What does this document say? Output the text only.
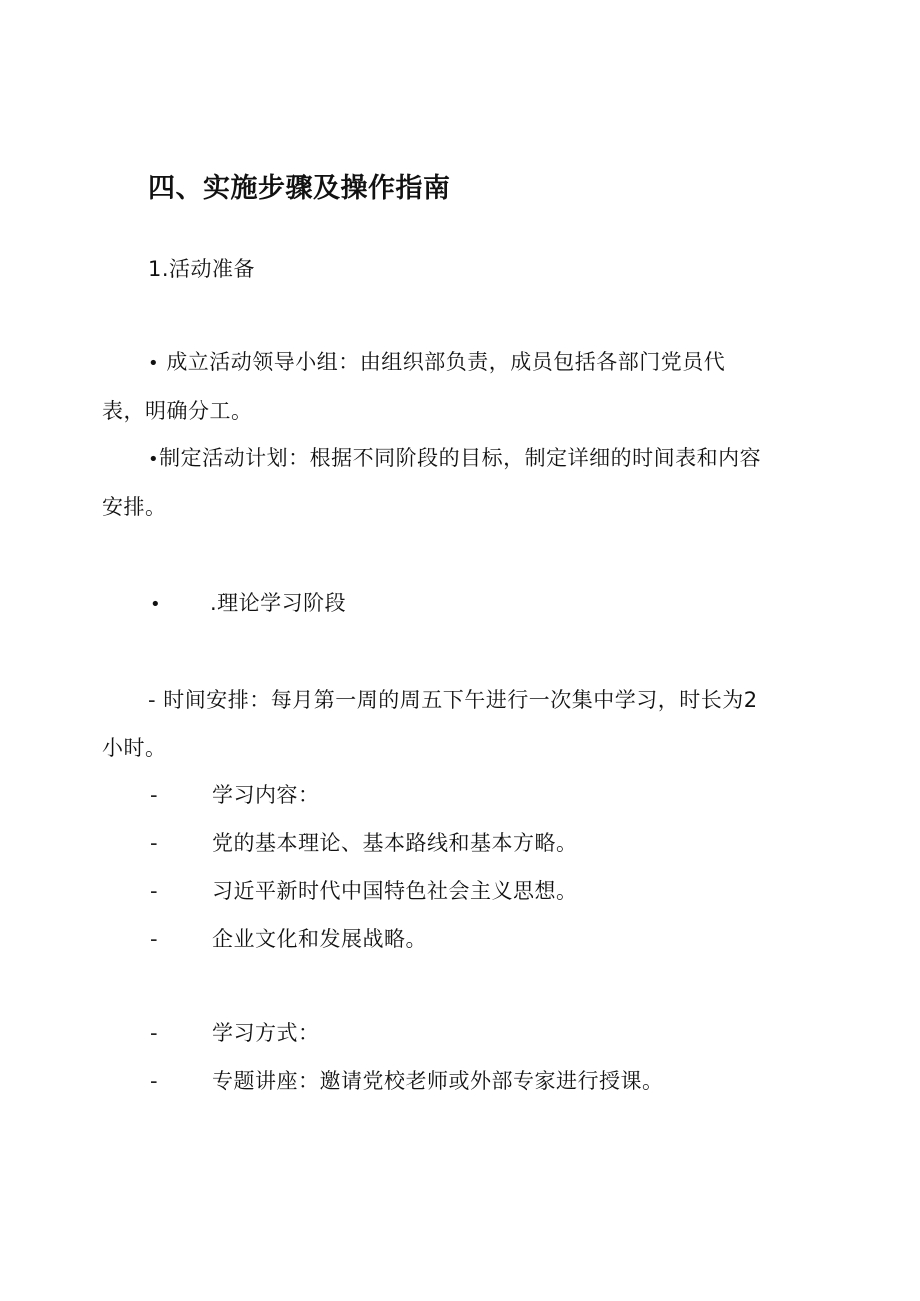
四、实施步骤及操作指南
1.活动准备
• 成立活动领导小组：由组织部负责，成员包括各部门党员代
表，明确分工。
•制定活动计划：根据不同阶段的目标，制定详细的时间表和内容
安排。
• .理论学习阶段
- 时间安排：每月第一周的周五下午进行一次集中学习，时长为2
小时。
-	学习内容：
-	党的基本理论、基本路线和基本方略。
-	习近平新时代中国特色社会主义思想。
-	企业文化和发展战略。
-	学习方式：
-	专题讲座：邀请党校老师或外部专家进行授课。
